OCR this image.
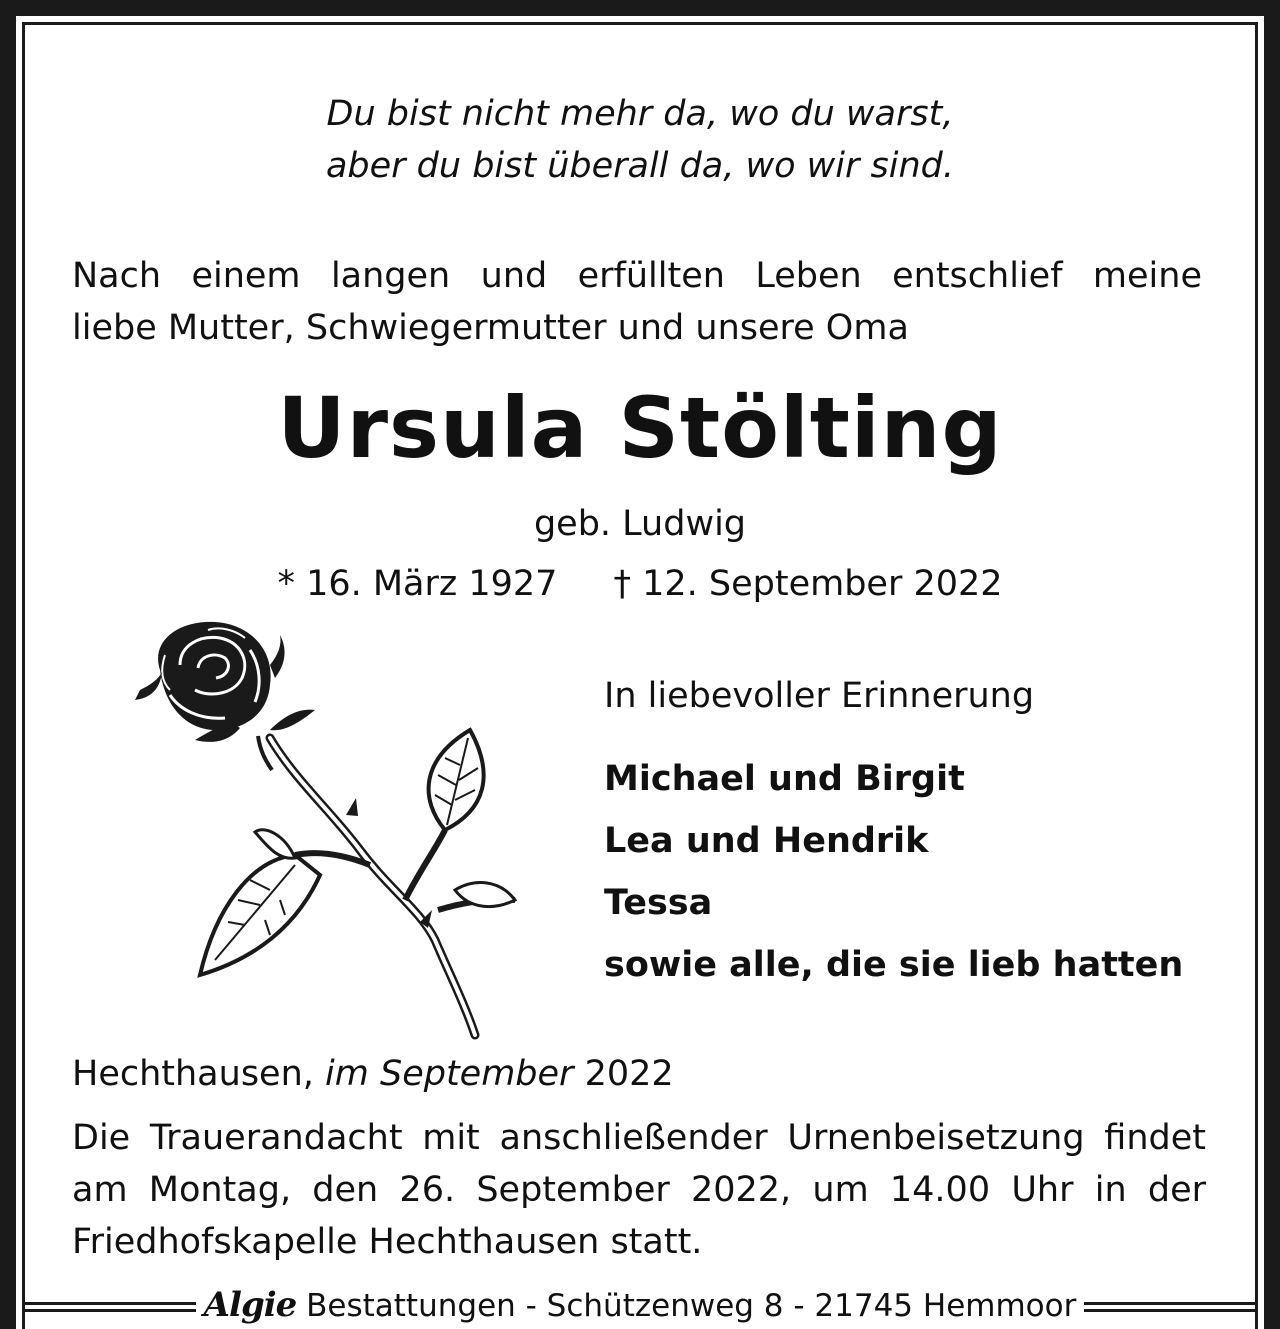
Du bist nicht mehr da, wo du warst,
aber du bist überall da, wo wir sind.
Nach einem langen und erfüllten Leben entschlief meine
liebe Mutter, Schwiegermutter und unsere Oma
Ursula Stölting
geb. Ludwig
* 16. März 1927 † 12. September 2022
In liebevoller Erinnerung
Michael und Birgit
Lea und Hendrik
Tessa
sowie alle, die sie lieb hatten
Hechthausen, im September 2022
Die Trauerandacht mit anschließender Urnenbeisetzung findet am Montag, den 26. September 2022, um 14.00 Uhr in der Friedhofskapelle Hechthausen statt.
Algie Bestattungen - Schützenweg 8 - 21745 Hemmoor
